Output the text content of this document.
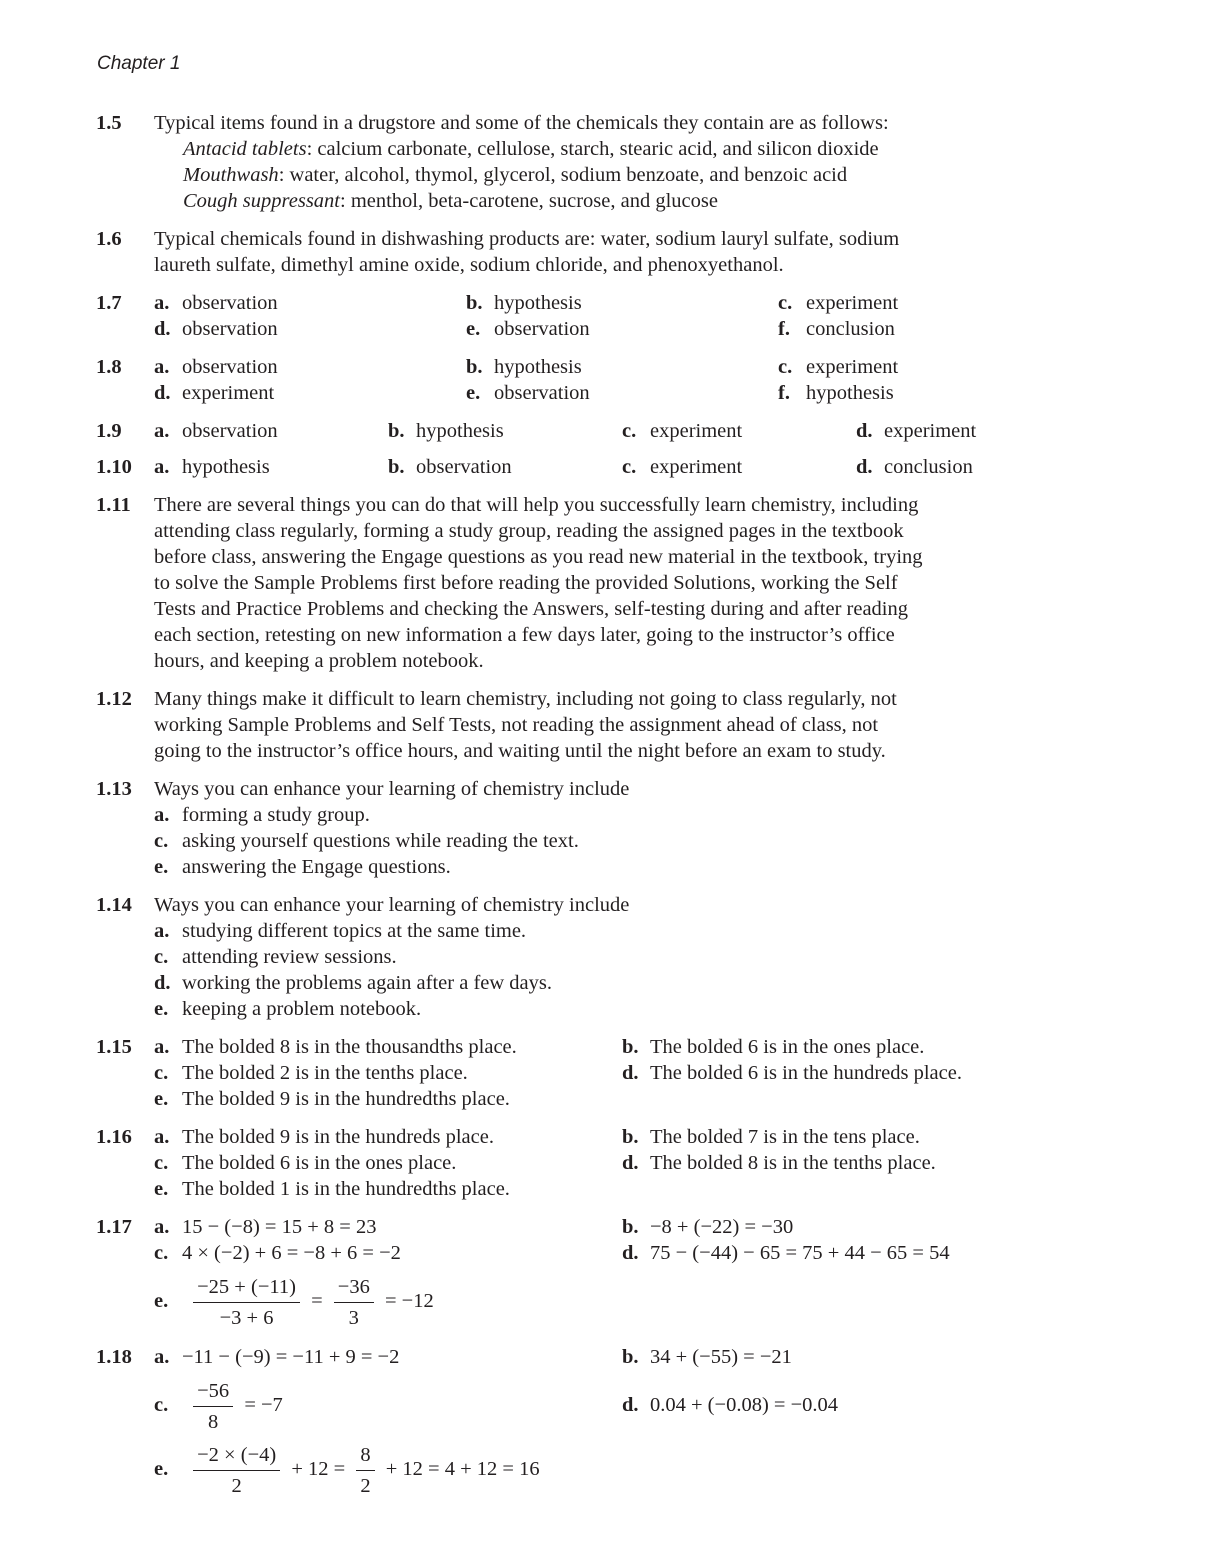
Chapter 1
1.5	Typical items found in a drugstore and some of the chemicals they contain are as follows:
Antacid tablets: calcium carbonate, cellulose, starch, stearic acid, and silicon dioxide
Mouthwash: water, alcohol, thymol, glycerol, sodium benzoate, and benzoic acid
Cough suppressant: menthol, beta-carotene, sucrose, and glucose
1.6	Typical chemicals found in dishwashing products are: water, sodium lauryl sulfate, sodium
laureth sulfate, dimethyl amine oxide, sodium chloride, and phenoxyethanol.
1.7	a. observation	b. hypothesis	c. experiment
d. observation	e. observation	f. conclusion
1.8	a. observation	b. hypothesis	c. experiment
d. experiment	e. observation	f. hypothesis
1.9	a. observation	b. hypothesis	c. experiment	d. experiment
1.10	a. hypothesis	b. observation	c. experiment	d. conclusion
1.11	There are several things you can do that will help you successfully learn chemistry, including
attending class regularly, forming a study group, reading the assigned pages in the textbook
before class, answering the Engage questions as you read new material in the textbook, trying
to solve the Sample Problems first before reading the provided Solutions, working the Self
Tests and Practice Problems and checking the Answers, self-testing during and after reading
each section, retesting on new information a few days later, going to the instructor’s office
hours, and keeping a problem notebook.
1.12	Many things make it difficult to learn chemistry, including not going to class regularly, not
working Sample Problems and Self Tests, not reading the assignment ahead of class, not
going to the instructor’s office hours, and waiting until the night before an exam to study.
1.13	Ways you can enhance your learning of chemistry include
a. forming a study group.
c. asking yourself questions while reading the text.
e. answering the Engage questions.
1.14	Ways you can enhance your learning of chemistry include
a. studying different topics at the same time.
c. attending review sessions.
d. working the problems again after a few days.
e. keeping a problem notebook.
1.15	a. The bolded 8 is in the thousandths place.	b. The bolded 6 is in the ones place.
c. The bolded 2 is in the tenths place.	d. The bolded 6 is in the hundreds place.
e. The bolded 9 is in the hundredths place.
1.16	a. The bolded 9 is in the hundreds place.	b. The bolded 7 is in the tens place.
c. The bolded 6 is in the ones place.	d. The bolded 8 is in the tenths place.
e. The bolded 1 is in the hundredths place.
1.17	a. 15 − (−8) = 15 + 8 = 23	b. −8 + (−22) = −30
c. 4 × (−2) + 6 = −8 + 6 = −2	d. 75 − (−44) − 65 = 75 + 44 − 65 = 54
e. $\frac{-25 + (-11)}{-3 + 6} = \frac{-36}{3} = -12$
1.18	a. −11 − (−9) = −11 + 9 = −2	b. 34 + (−55) = −21
c. $\frac{-56}{8} = -7$	d. 0.04 + (−0.08) = −0.04
e. $\frac{-2 \times (-4)}{2} + 12 = \frac{8}{2} + 12 = 4 + 12 = 16$
